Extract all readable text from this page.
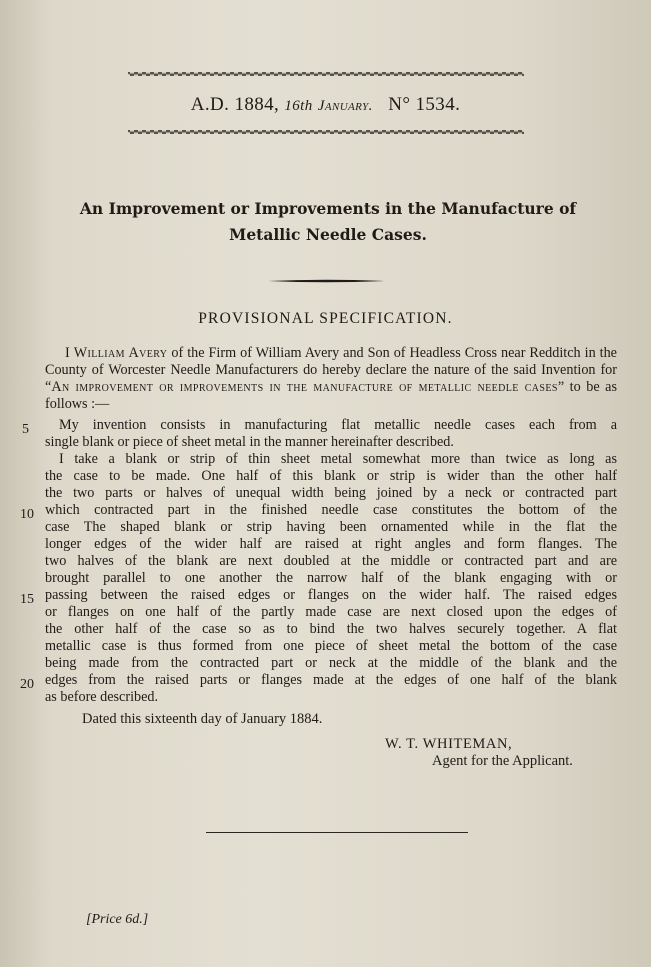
A.D. 1884, 16th January. N° 1534.
An Improvement or Improvements in the Manufacture of
Metallic Needle Cases.
PROVISIONAL SPECIFICATION.

I William Avery of the Firm of William Avery and Son of Headless Cross near Redditch in the County of Worcester Needle Manufacturers do hereby declare the nature of the said Invention for “An improvement or improvements in the manufacture of metallic needle cases” to be as follows :—

My invention consists in manufacturing flat metallic needle cases each from a
single blank or piece of sheet metal in the manner hereinafter described.
I take a blank or strip of thin sheet metal somewhat more than twice as long as
the case to be made. One half of this blank or strip is wider than the other half
the two parts or halves of unequal width being joined by a neck or contracted part
which contracted part in the finished needle case constitutes the bottom of the
case The shaped blank or strip having been ornamented while in the flat the
longer edges of the wider half are raised at right angles and form flanges. The
two halves of the blank are next doubled at the middle or contracted part and are
brought parallel to one another the narrow half of the blank engaging with or
passing between the raised edges or flanges on the wider half. The raised edges
or flanges on one half of the partly made case are next closed upon the edges of
the other half of the case so as to bind the two halves securely together. A flat
metallic case is thus formed from one piece of sheet metal the bottom of the case
being made from the contracted part or neck at the middle of the blank and the
edges from the raised parts or flanges made at the edges of one half of the blank
as before described.
Dated this sixteenth day of January 1884.
W. T. WHITEMAN,
Agent for the Applicant.
[Price 6d.]
5
10
15
20
